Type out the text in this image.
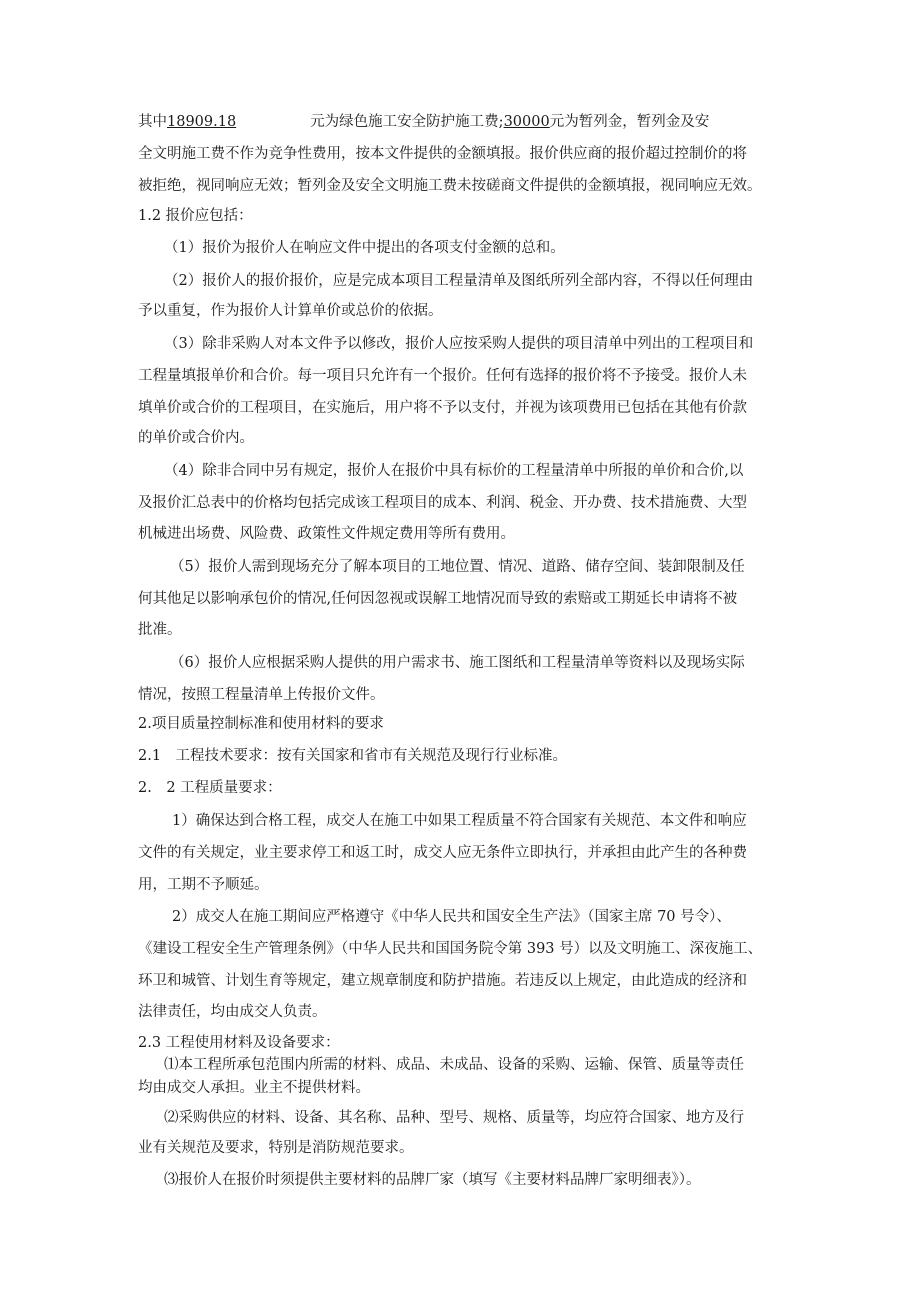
其中18909.18	元为绿色施工安全防护施工费;30000元为暂列金，暂列金及安
全文明施工费不作为竞争性费用，按本文件提供的金额填报。报价供应商的报价超过控制价的将
被拒绝，视同响应无效；暂列金及安全文明施工费未按磋商文件提供的金额填报，视同响应无效。
1.2 报价应包括：
（1）报价为报价人在响应文件中提出的各项支付金额的总和。
（2）报价人的报价报价，应是完成本项目工程量清单及图纸所列全部内容，不得以任何理由
予以重复，作为报价人计算单价或总价的依据。
（3）除非采购人对本文件予以修改，报价人应按采购人提供的项目清单中列出的工程项目和
工程量填报单价和合价。每一项目只允许有一个报价。任何有选择的报价将不予接受。报价人未
填单价或合价的工程项目，在实施后，用户将不予以支付，并视为该项费用已包括在其他有价款
的单价或合价内。
（4）除非合同中另有规定，报价人在报价中具有标价的工程量清单中所报的单价和合价,以
及报价汇总表中的价格均包括完成该工程项目的成本、利润、税金、开办费、技术措施费、大型
机械进出场费、风险费、政策性文件规定费用等所有费用。
（5）报价人需到现场充分了解本项目的工地位置、情况、道路、储存空间、装卸限制及任
何其他足以影响承包价的情况,任何因忽视或误解工地情况而导致的索赔或工期延长申请将不被
批准。
（6）报价人应根据采购人提供的用户需求书、施工图纸和工程量清单等资料以及现场实际
情况，按照工程量清单上传报价文件。
2.项目质量控制标准和使用材料的要求
2.1　工程技术要求：按有关国家和省市有关规范及现行行业标准。
2.　2 工程质量要求：
1）确保达到合格工程，成交人在施工中如果工程质量不符合国家有关规范、本文件和响应
文件的有关规定，业主要求停工和返工时，成交人应无条件立即执行，并承担由此产生的各种费
用，工期不予顺延。
2）成交人在施工期间应严格遵守《中华人民共和国安全生产法》（国家主席 70 号令）、
《建设工程安全生产管理条例》（中华人民共和国国务院令第 393 号）以及文明施工、深夜施工、
环卫和城管、计划生育等规定，建立规章制度和防护措施。若违反以上规定，由此造成的经济和
法律责任，均由成交人负责。
2.3 工程使用材料及设备要求：
⑴本工程所承包范围内所需的材料、成品、未成品、设备的采购、运输、保管、质量等责任
均由成交人承担。业主不提供材料。
⑵采购供应的材料、设备、其名称、品种、型号、规格、质量等，均应符合国家、地方及行
业有关规范及要求，特别是消防规范要求。
⑶报价人在报价时须提供主要材料的品牌厂家（填写《主要材料品牌厂家明细表》）。
